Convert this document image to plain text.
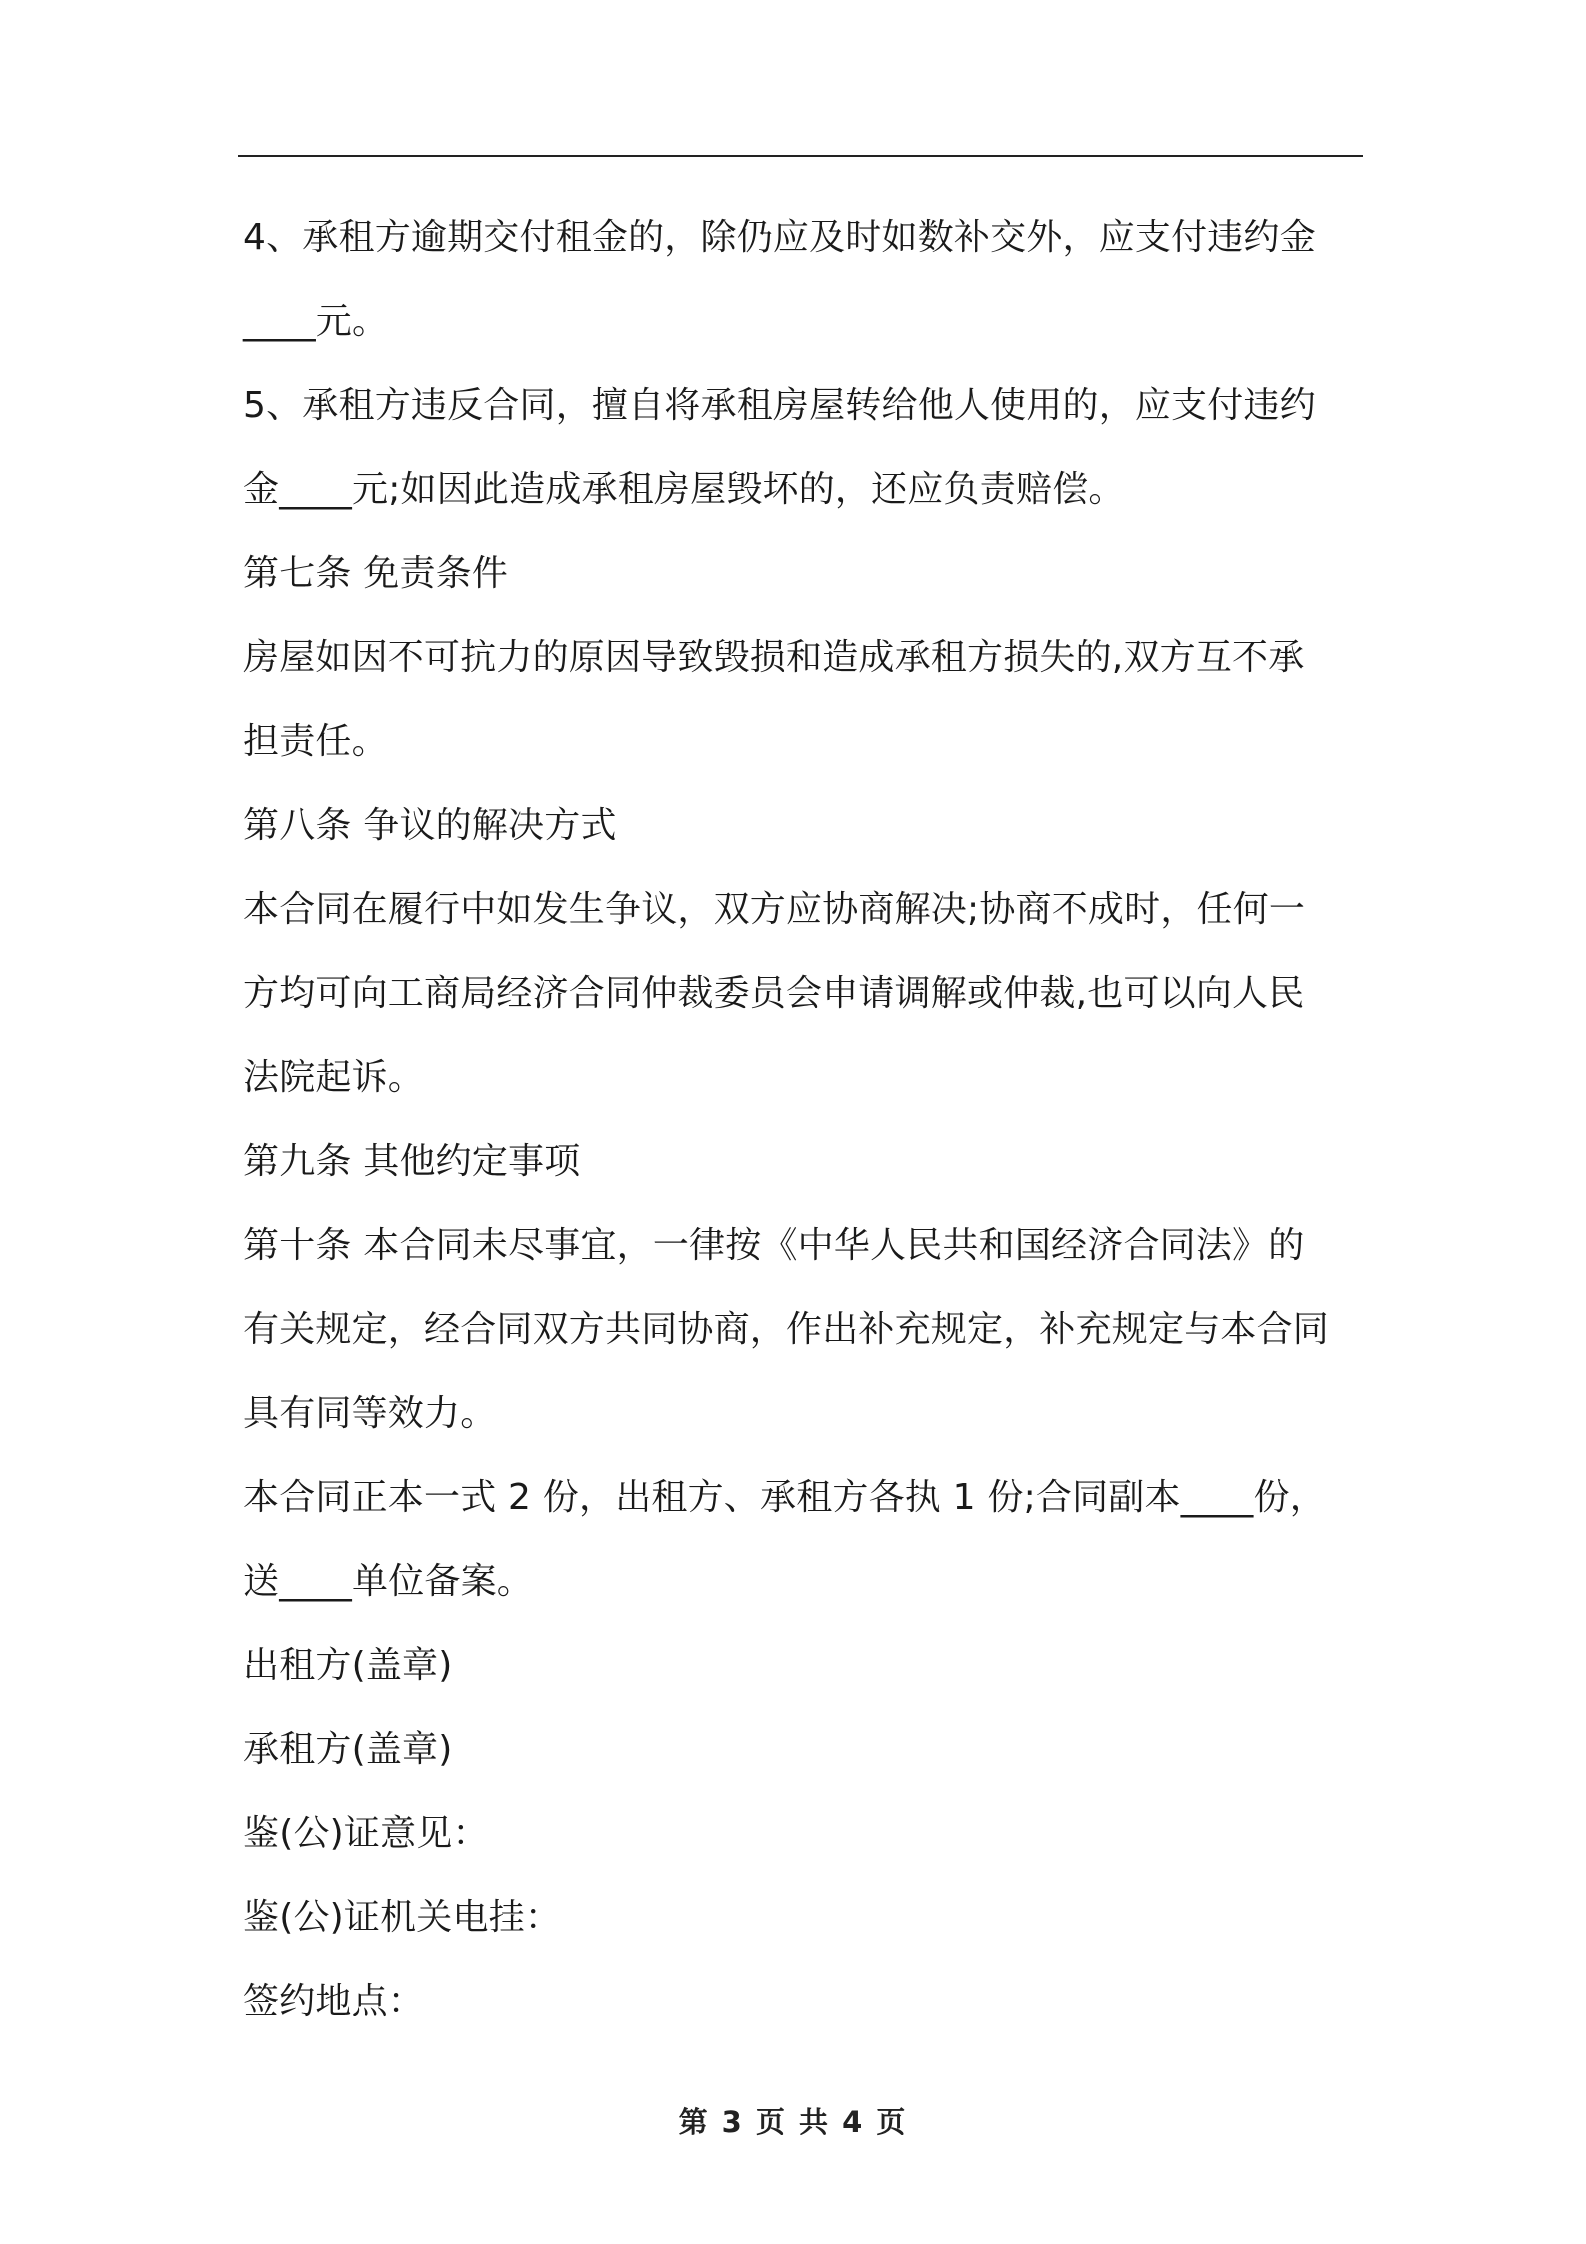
4、承租方逾期交付租金的，除仍应及时如数补交外，应支付违约金

____元。

5、承租方违反合同，擅自将承租房屋转给他人使用的，应支付违约

金____元;如因此造成承租房屋毁坏的，还应负责赔偿。

第七条 免责条件

房屋如因不可抗力的原因导致毁损和造成承租方损失的,双方互不承

担责任。

第八条 争议的解决方式

本合同在履行中如发生争议，双方应协商解决;协商不成时，任何一

方均可向工商局经济合同仲裁委员会申请调解或仲裁,也可以向人民

法院起诉。

第九条 其他约定事项

第十条 本合同未尽事宜，一律按《中华人民共和国经济合同法》的

有关规定，经合同双方共同协商，作出补充规定，补充规定与本合同

具有同等效力。

本合同正本一式 2 份，出租方、承租方各执 1 份;合同副本____份，

送____单位备案。

出租方(盖章)

承租方(盖章)

鉴(公)证意见：

鉴(公)证机关电挂：

签约地点：

第 3 页 共 4 页
